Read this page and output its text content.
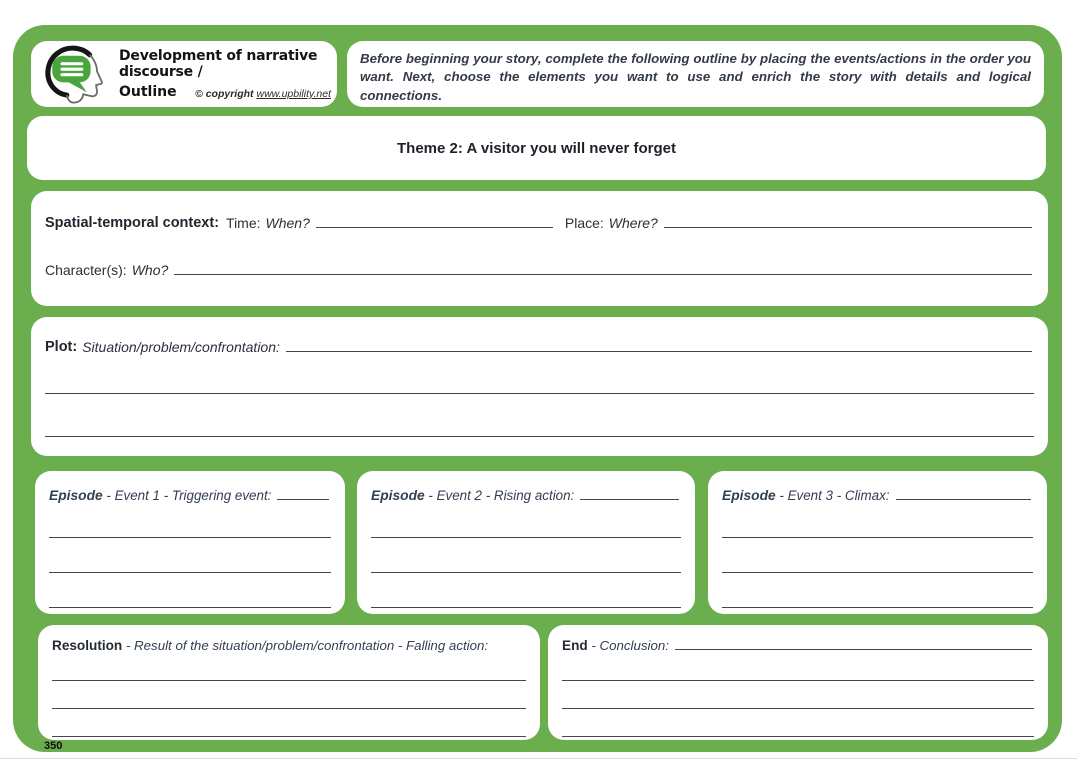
Development of narrative discourse /
Outline © copyright www.upbility.net
Before beginning your story, complete the following outline by placing the events/actions in the order you want. Next, choose the elements you want to use and enrich the story with details and logical connections.
Theme 2: A visitor you will never forget
Spatial-temporal context: Time: When?	Place: Where?
Character(s): Who?
Plot: Situation/problem/confrontation:
Episode - Event 1 - Triggering event:	Episode - Event 2 - Rising action:	Episode - Event 3 - Climax:
Resolution - Result of the situation/problem/confrontation - Falling action:	End - Conclusion:
350
